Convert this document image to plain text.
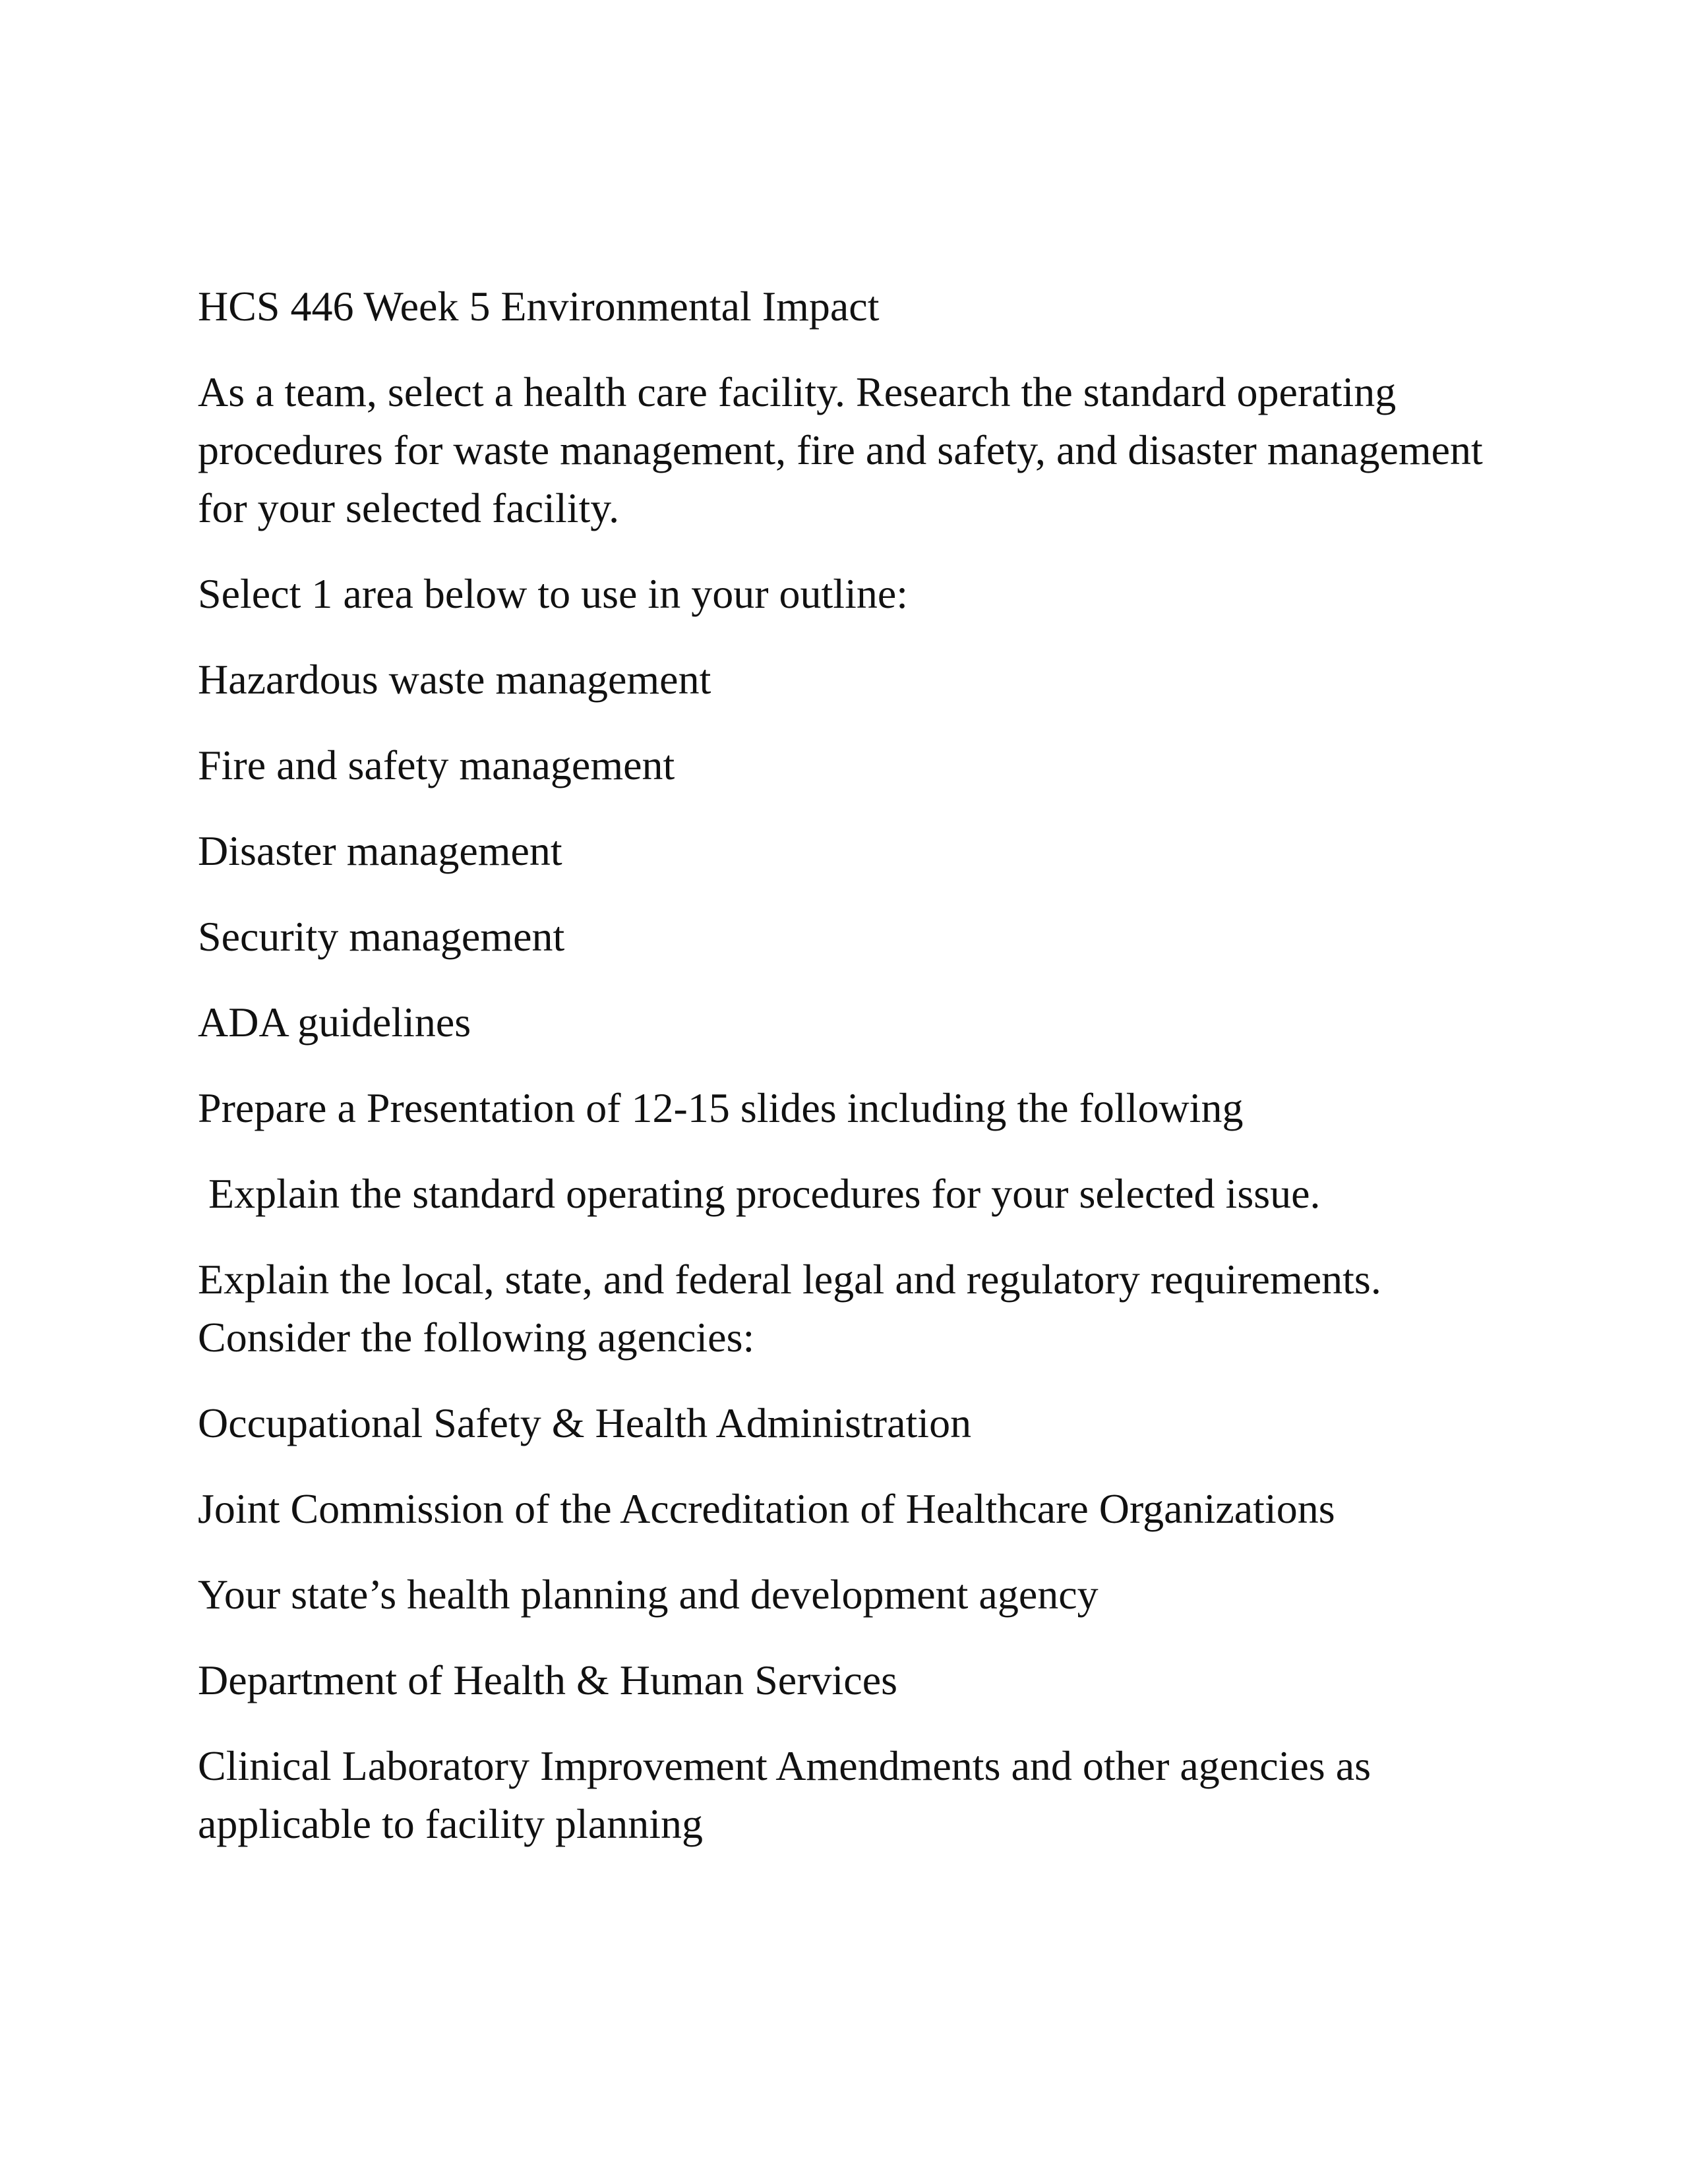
HCS 446 Week 5 Environmental Impact

As a team, select a health care facility. Research the standard operating procedures for waste management, fire and safety, and disaster management for your selected facility.

Select 1 area below to use in your outline:

Hazardous waste management

Fire and safety management

Disaster management

Security management

ADA guidelines

Prepare a Presentation of 12-15 slides including the following

Explain the standard operating procedures for your selected issue.

Explain the local, state, and federal legal and regulatory requirements. Consider the following agencies:

Occupational Safety & Health Administration

Joint Commission of the Accreditation of Healthcare Organizations

Your state’s health planning and development agency

Department of Health & Human Services

Clinical Laboratory Improvement Amendments and other agencies as applicable to facility planning
